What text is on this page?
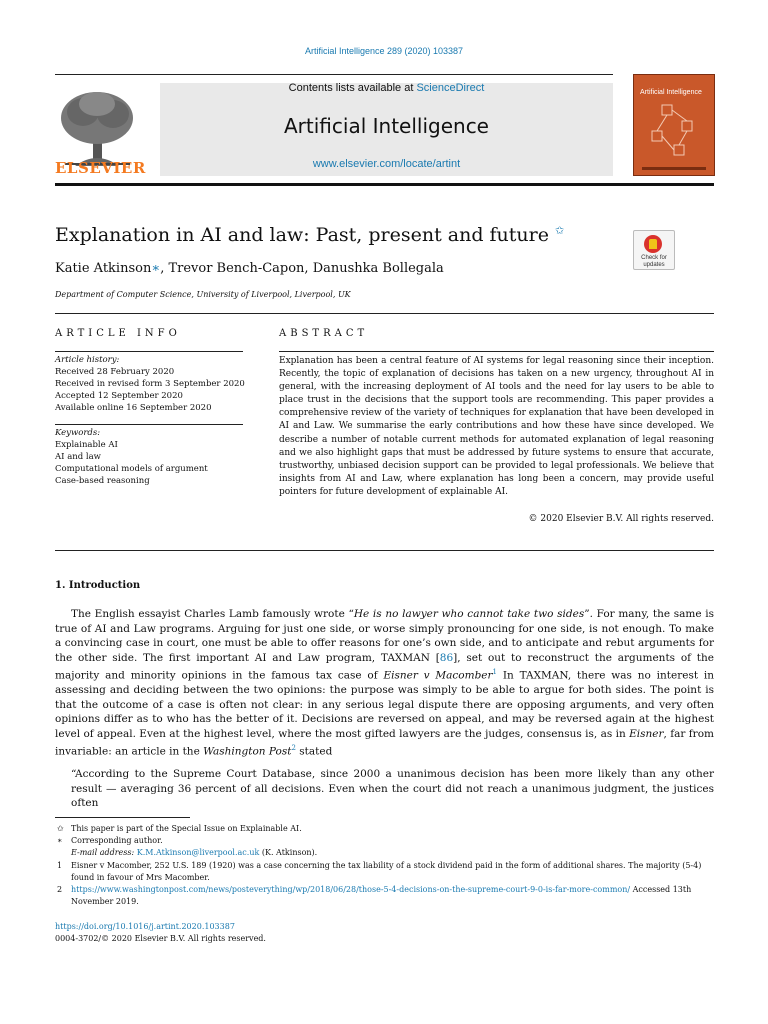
Artificial Intelligence 289 (2020) 103387
ELSEVIER
Contents lists available at ScienceDirect
Artificial Intelligence
www.elsevier.com/locate/artint
Artificial Intelligence
Explanation in AI and law: Past, present and future ✩
Check for updates
Katie Atkinson∗, Trevor Bench-Capon, Danushka Bollegala
Department of Computer Science, University of Liverpool, Liverpool, UK
ARTICLE INFO	ABSTRACT
Article history:
Received 28 February 2020
Received in revised form 3 September 2020
Accepted 12 September 2020
Available online 16 September 2020
Keywords:
Explainable AI
AI and law
Computational models of argument
Case-based reasoning
Explanation has been a central feature of AI systems for legal reasoning since their inception. Recently, the topic of explanation of decisions has taken on a new urgency, throughout AI in general, with the increasing deployment of AI tools and the need for lay users to be able to place trust in the decisions that the support tools are recommending. This paper provides a comprehensive review of the variety of techniques for explanation that have been developed in AI and Law. We summarise the early contributions and how these have since developed. We describe a number of notable current methods for automated explanation of legal reasoning and we also highlight gaps that must be addressed by future systems to ensure that accurate, trustworthy, unbiased decision support can be provided to legal professionals. We believe that insights from AI and Law, where explanation has long been a concern, may provide useful pointers for future development of explainable AI.
© 2020 Elsevier B.V. All rights reserved.
1. Introduction
The English essayist Charles Lamb famously wrote “He is no lawyer who cannot take two sides”. For many, the same is true of AI and Law programs. Arguing for just one side, or worse simply pronouncing for one side, is not enough. To make a convincing case in court, one must be able to offer reasons for one’s own side, and to anticipate and rebut arguments for the other side. The first important AI and Law program, TAXMAN [86], set out to reconstruct the arguments of the majority and minority opinions in the famous tax case of Eisner v Macomber$^1$ In TAXMAN, there was no interest in assessing and deciding between the two opinions: the purpose was simply to be able to argue for both sides. The point is that the outcome of a case is often not clear: in any serious legal dispute there are opposing arguments, and very often opinions differ as to who has the better of it. Decisions are reversed on appeal, and may be reversed again at the highest level of appeal. Even at the highest level, where the most gifted lawyers are the judges, consensus is, as in Eisner, far from invariable: an article in the Washington Post$^2$ stated
“According to the Supreme Court Database, since 2000 a unanimous decision has been more likely than any other result — averaging 36 percent of all decisions. Even when the court did not reach a unanimous judgment, the justices often
✩ This paper is part of the Special Issue on Explainable AI.
∗ Corresponding author.
E-mail address: K.M.Atkinson@liverpool.ac.uk (K. Atkinson).
1 Eisner v Macomber, 252 U.S. 189 (1920) was a case concerning the tax liability of a stock dividend paid in the form of additional shares. The majority (5-4) found in favour of Mrs Macomber.
2 https://www.washingtonpost.com/news/posteverything/wp/2018/06/28/those-5-4-decisions-on-the-supreme-court-9-0-is-far-more-common/ Accessed 13th November 2019.
https://doi.org/10.1016/j.artint.2020.103387
0004-3702/© 2020 Elsevier B.V. All rights reserved.
